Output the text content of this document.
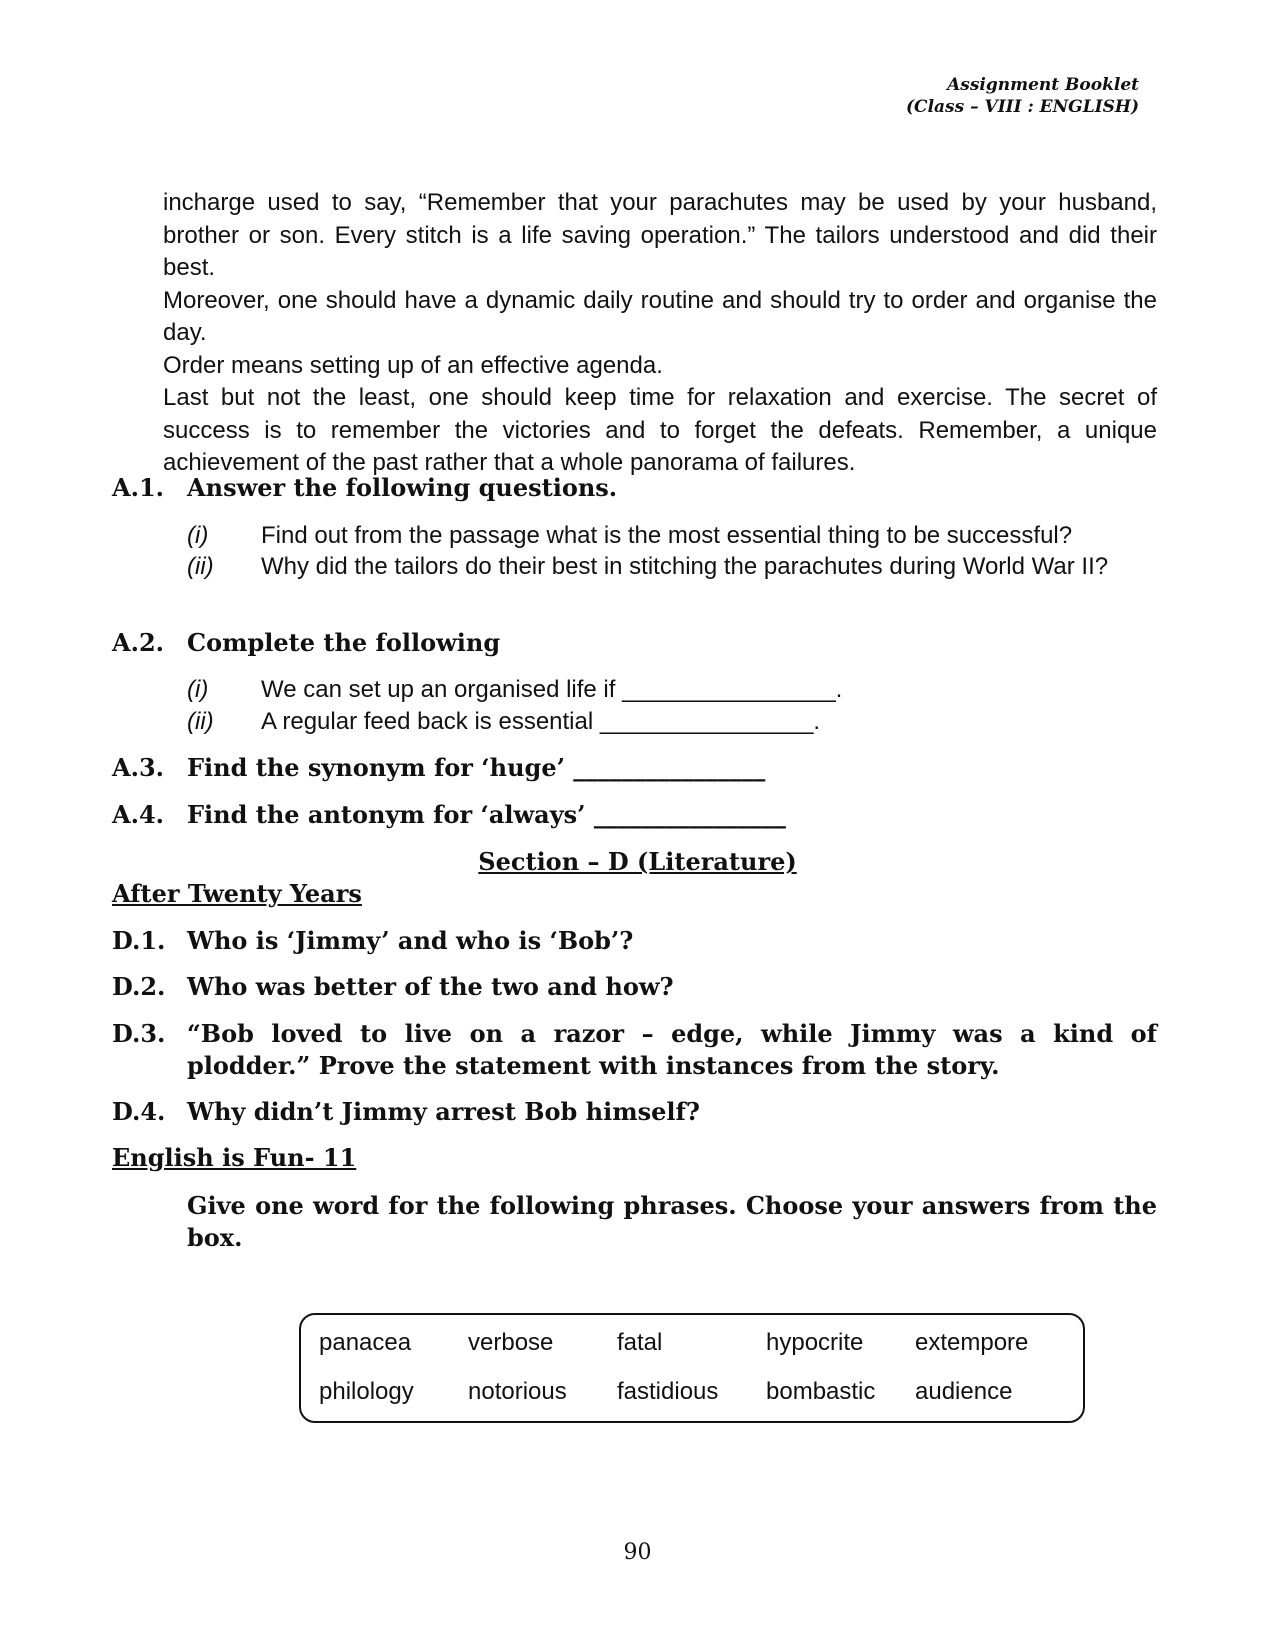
Assignment Booklet
(Class – VIII : ENGLISH)

incharge used to say, “Remember that your parachutes may be used by your husband, brother or son. Every stitch is a life saving operation.” The tailors understood and did their best.

Moreover, one should have a dynamic daily routine and should try to order and organise the day.

Order means setting up of an effective agenda.

Last but not the least, one should keep time for relaxation and exercise. The secret of success is to remember the victories and to forget the defeats. Remember, a unique achievement of the past rather that a whole panorama of failures.

A.1. Answer the following questions.
(i)	Find out from the passage what is the most essential thing to be successful?
(ii)	Why did the tailors do their best in stitching the parachutes during World War II?
A.2. Complete the following
(i)	We can set up an organised life if ________________.
(ii)	A regular feed back is essential ________________.
A.3. Find the synonym for ‘huge’ ________________
A.4. Find the antonym for ‘always’ ________________
Section – D (Literature)
After Twenty Years
D.1. Who is ‘Jimmy’ and who is ‘Bob’?
D.2. Who was better of the two and how?
D.3. “Bob loved to live on a razor – edge, while Jimmy was a kind of plodder.” Prove the statement with instances from the story.
D.4. Why didn’t Jimmy arrest Bob himself?
English is Fun- 11
Give one word for the following phrases. Choose your answers from the box.
panacea verbose	fatal	hypocrite extempore
philology notorious fastidious bombastic audience
90
